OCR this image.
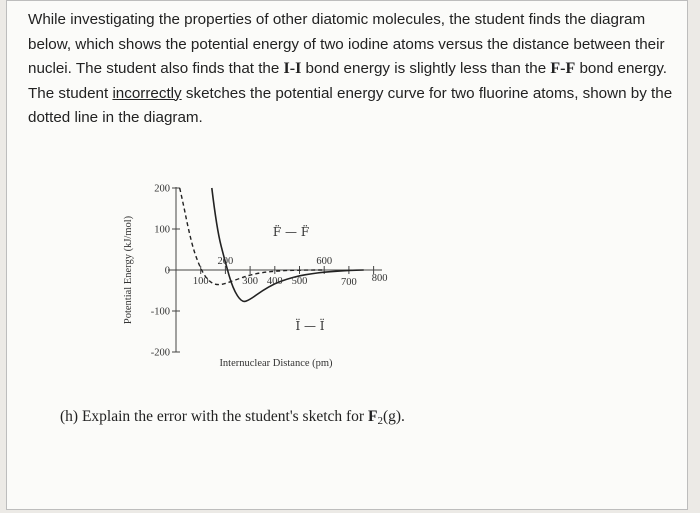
While investigating the properties of other diatomic molecules, the student finds the diagram below, which shows the potential energy of two iodine atoms versus the distance between their nuclei. The student also finds that the I-I bond energy is slightly less than the F-F bond energy. The student incorrectly sketches the potential energy curve for two fluorine atoms, shown by the dotted line in the diagram.
200
100
0
-100
-200
100	300 400 500	700 800
200	600
Potential Energy (kJ/mol)
Internuclear Distance (pm)
F̈ — F̈
Ï — Ï
(h) Explain the error with the student's sketch for $F_2(g)$.
